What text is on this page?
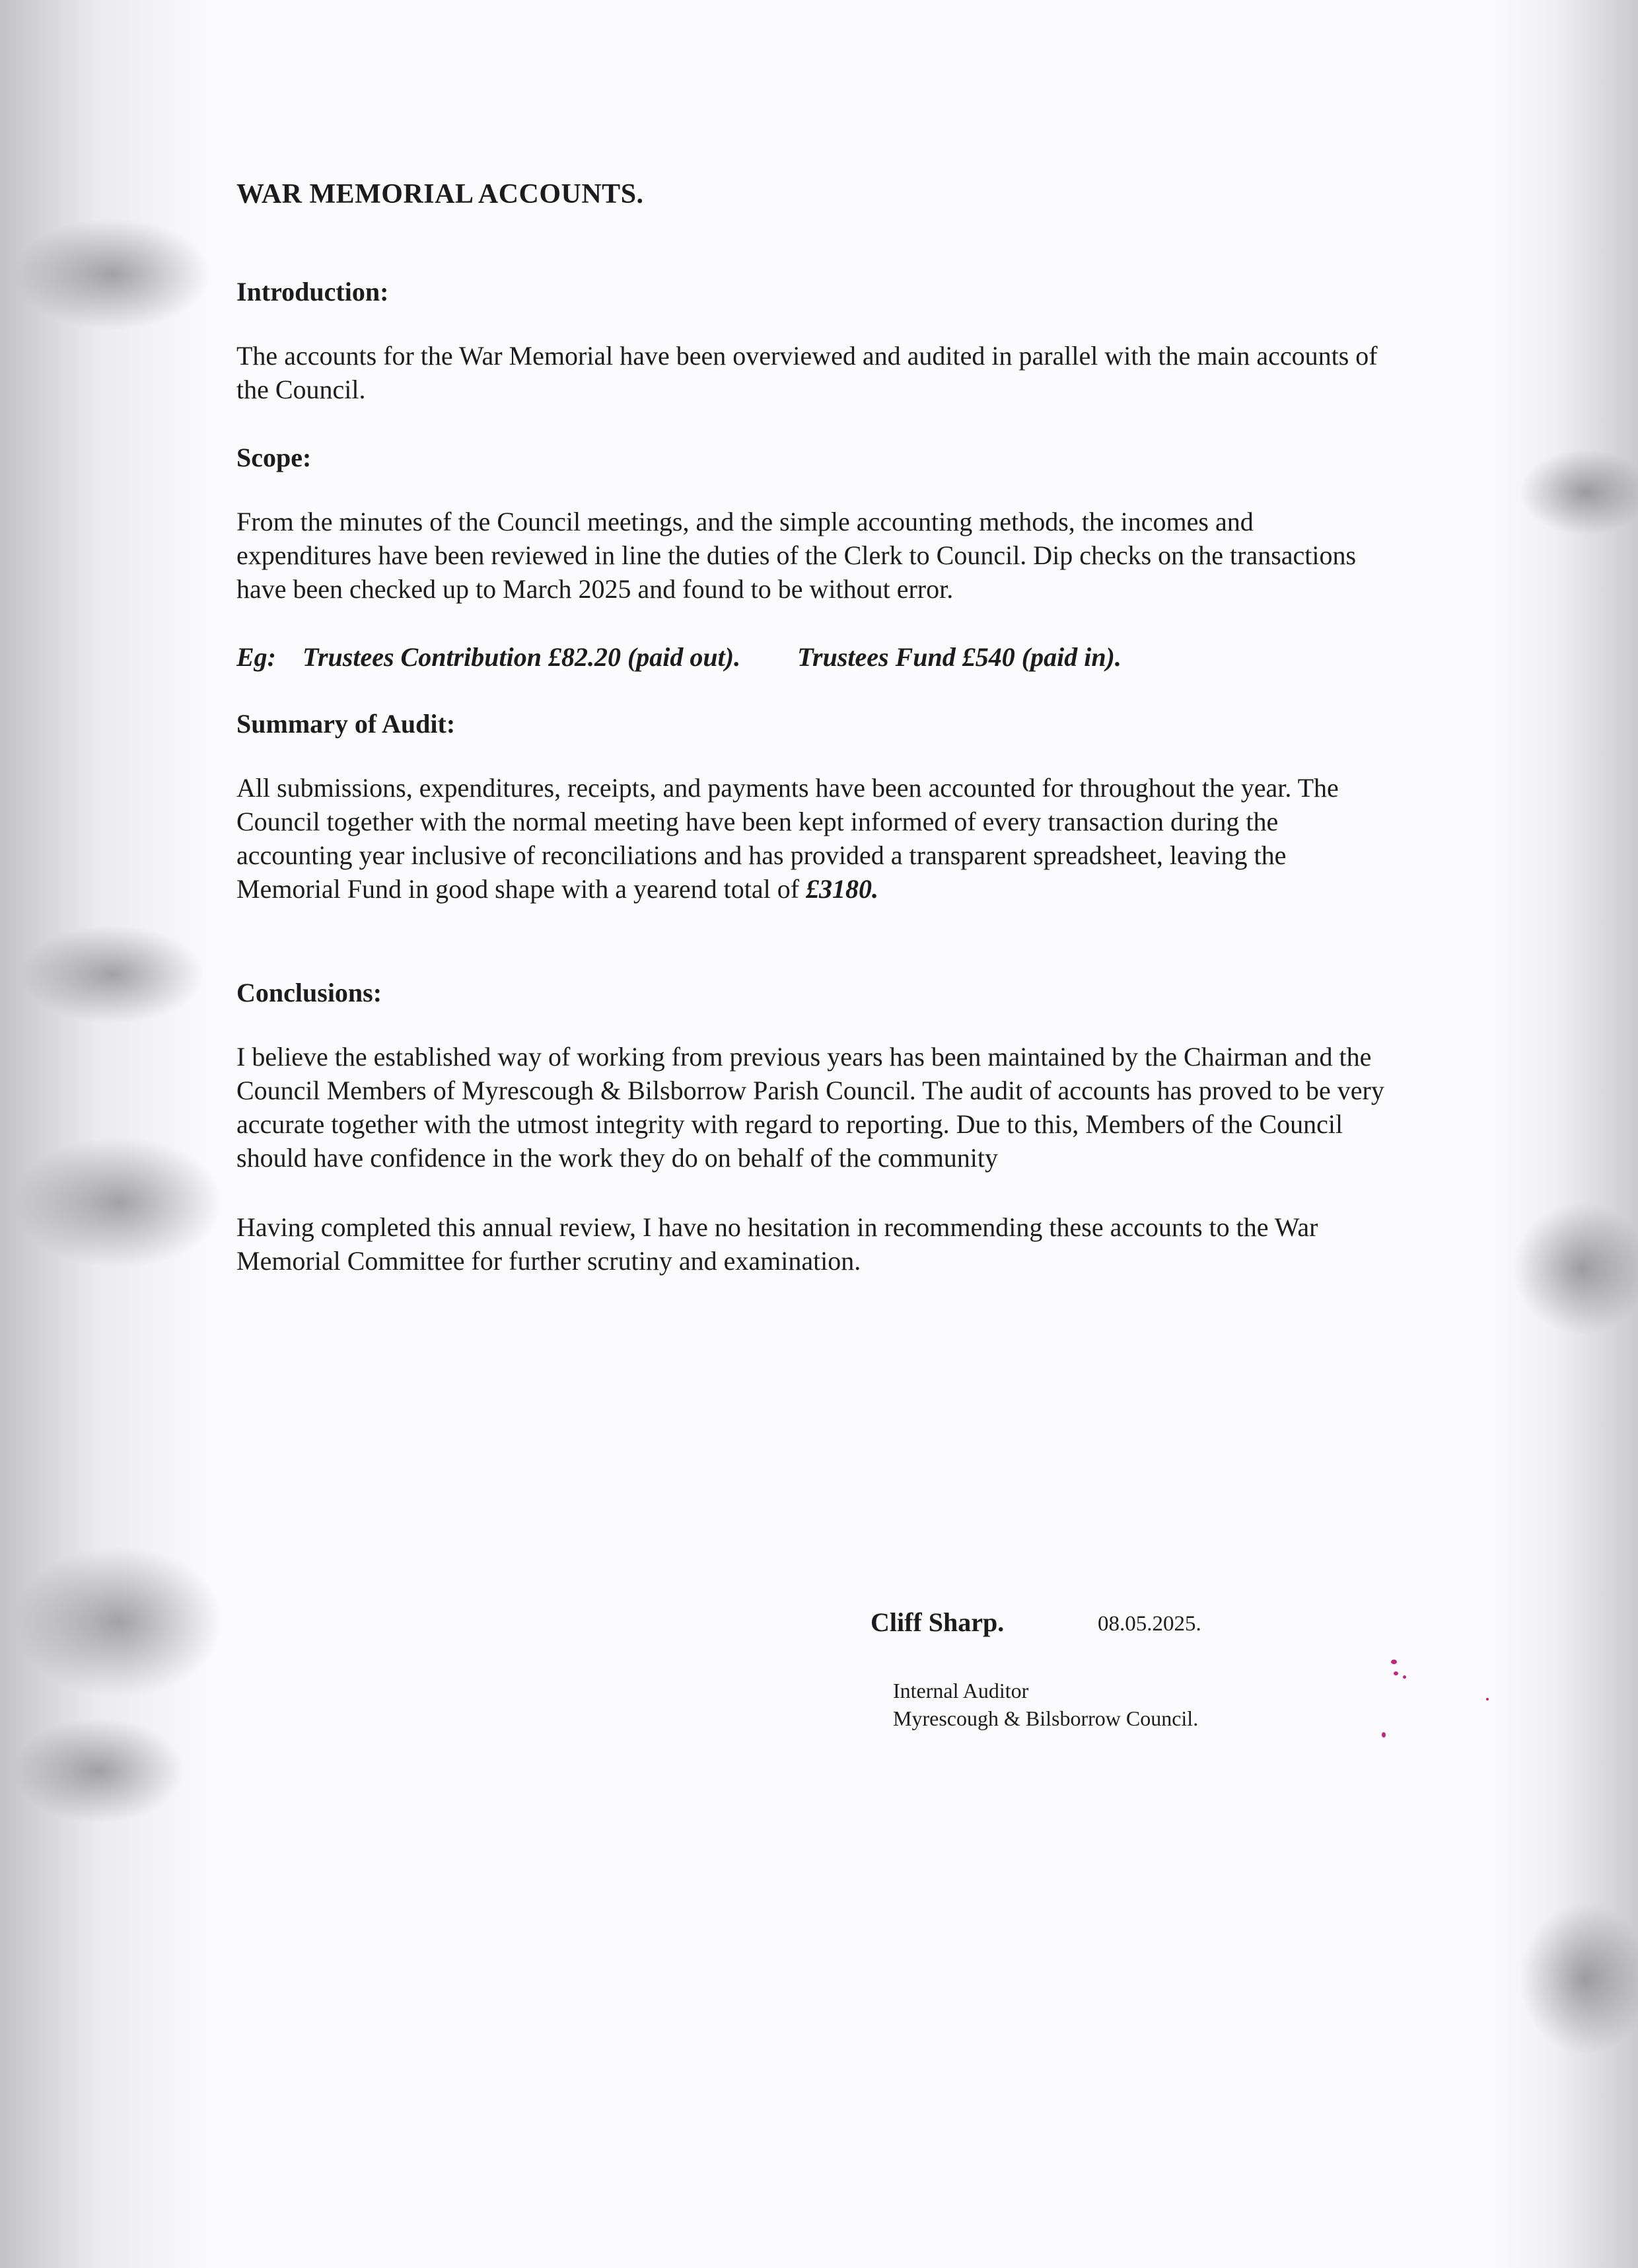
WAR MEMORIAL ACCOUNTS.
Introduction:

The accounts for the War Memorial have been overviewed and audited in parallel with the main accounts of the Council.

Scope:

From the minutes of the Council meetings, and the simple accounting methods, the incomes and expenditures have been reviewed in line the duties of the Clerk to Council. Dip checks on the transactions have been checked up to March 2025 and found to be without error.

Eg: Trustees Contribution £82.20 (paid out). Trustees Fund £540 (paid in).
Summary of Audit:

All submissions, expenditures, receipts, and payments have been accounted for throughout the year. The Council together with the normal meeting have been kept informed of every transaction during the accounting year inclusive of reconciliations and has provided a transparent spreadsheet, leaving the Memorial Fund in good shape with a yearend total of £3180.

Conclusions:

I believe the established way of working from previous years has been maintained by the Chairman and the Council Members of Myrescough & Bilsborrow Parish Council. The audit of accounts has proved to be very accurate together with the utmost integrity with regard to reporting. Due to this, Members of the Council should have confidence in the work they do on behalf of the community

Having completed this annual review, I have no hesitation in recommending these accounts to the War Memorial Committee for further scrutiny and examination.

Cliff Sharp.	08.05.2025.
Internal Auditor
Myrescough & Bilsborrow Council.
